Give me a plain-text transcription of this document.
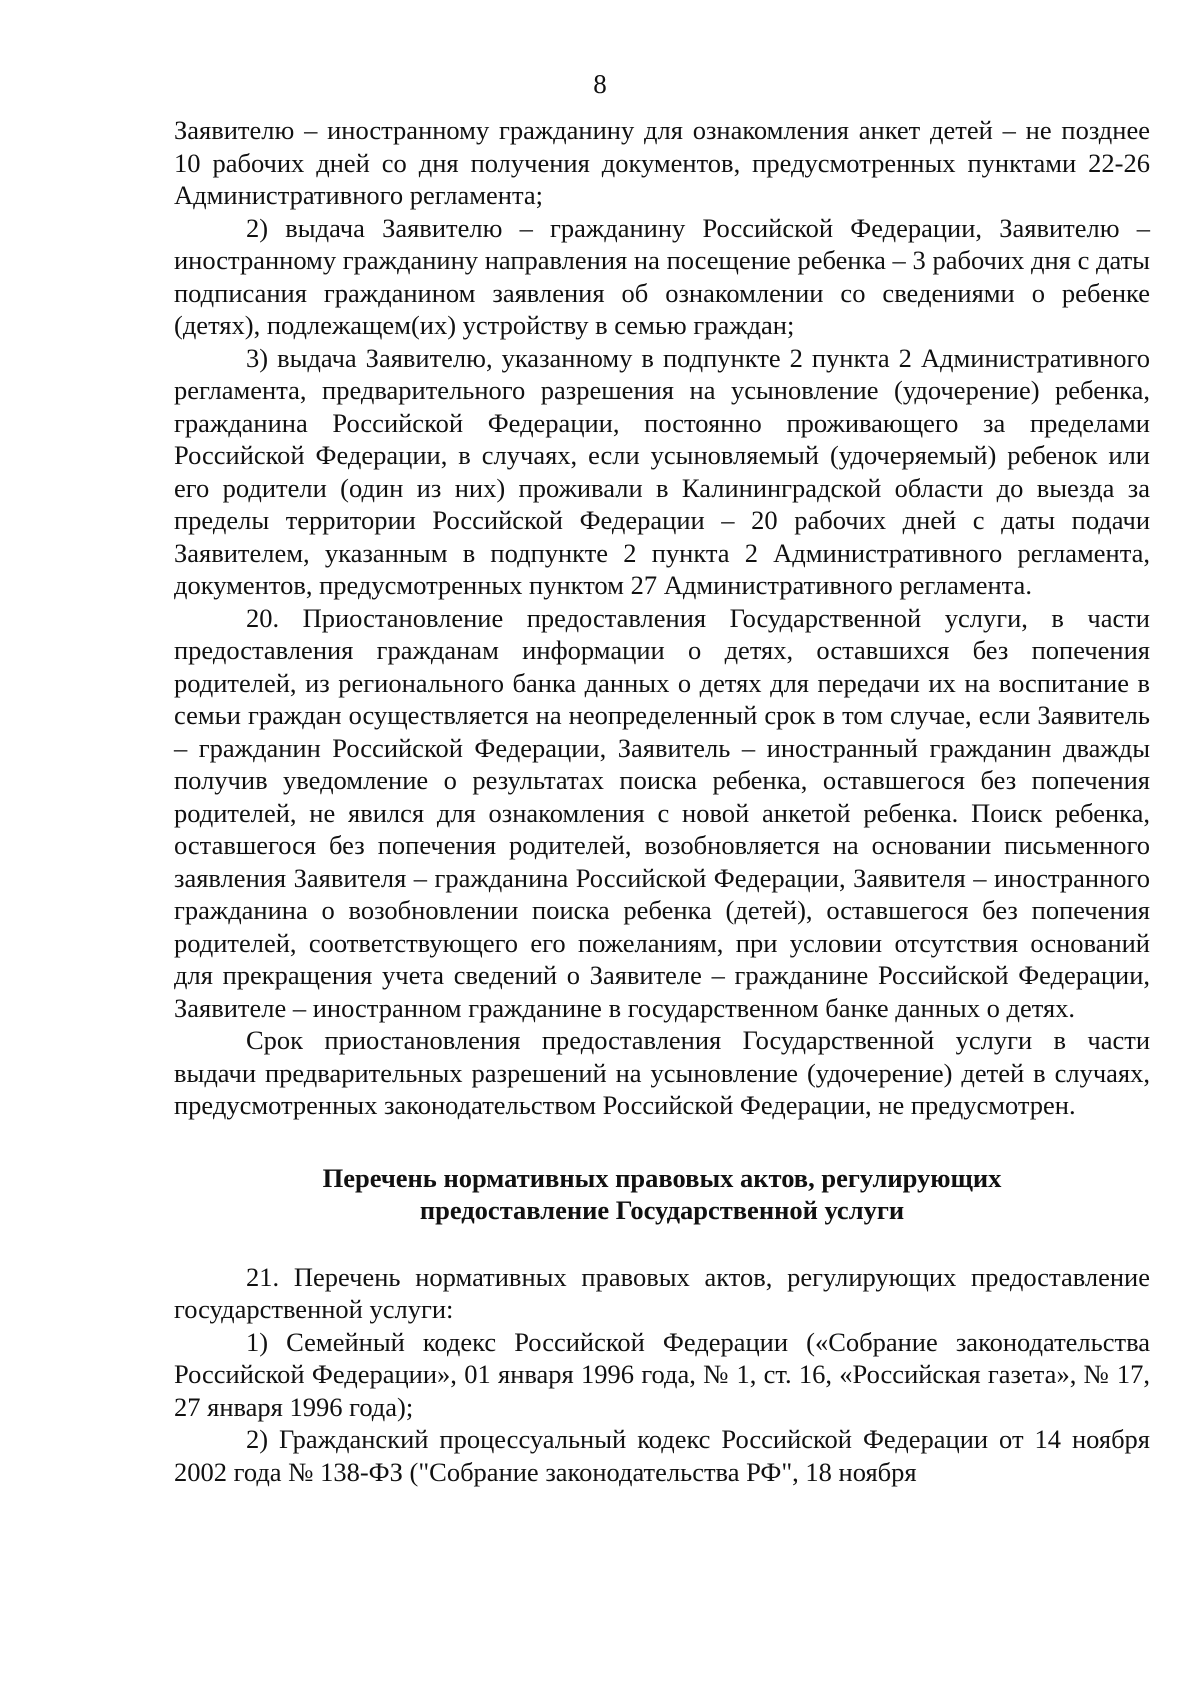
8

Заявителю – иностранному гражданину для ознакомления анкет детей – не позднее 10 рабочих дней со дня получения документов, предусмотренных пунктами 22-26 Административного регламента;

2) выдача Заявителю – гражданину Российской Федерации, Заявителю – иностранному гражданину направления на посещение ребенка – 3 рабочих дня с даты подписания гражданином заявления об ознакомлении со сведениями о ребенке (детях), подлежащем(их) устройству в семью граждан;

3) выдача Заявителю, указанному в подпункте 2 пункта 2 Административного регламента, предварительного разрешения на усыновление (удочерение) ребенка, гражданина Российской Федерации, постоянно проживающего за пределами Российской Федерации, в случаях, если усыновляемый (удочеряемый) ребенок или его родители (один из них) проживали в Калининградской области до выезда за пределы территории Российской Федерации – 20 рабочих дней с даты подачи Заявителем, указанным в подпункте 2 пункта 2 Административного регламента, документов, предусмотренных пунктом 27 Административного регламента.

20. Приостановление предоставления Государственной услуги, в части предоставления гражданам информации о детях, оставшихся без попечения родителей, из регионального банка данных о детях для передачи их на воспитание в семьи граждан осуществляется на неопределенный срок в том случае, если Заявитель – гражданин Российской Федерации, Заявитель – иностранный гражданин дважды получив уведомление о результатах поиска ребенка, оставшегося без попечения родителей, не явился для ознакомления с новой анкетой ребенка. Поиск ребенка, оставшегося без попечения родителей, возобновляется на основании письменного заявления Заявителя – гражданина Российской Федерации, Заявителя – иностранного гражданина о возобновлении поиска ребенка (детей), оставшегося без попечения родителей, соответствующего его пожеланиям, при условии отсутствия оснований для прекращения учета сведений о Заявителе – гражданине Российской Федерации, Заявителе – иностранном гражданине в государственном банке данных о детях.

Срок приостановления предоставления Государственной услуги в части выдачи предварительных разрешений на усыновление (удочерение) детей в случаях, предусмотренных законодательством Российской Федерации, не предусмотрен.

Перечень нормативных правовых актов, регулирующих
предоставление Государственной услуги

21. Перечень нормативных правовых актов, регулирующих предоставление государственной услуги:

1) Семейный кодекс Российской Федерации («Собрание законодательства Российской Федерации», 01 января 1996 года, № 1, ст. 16, «Российская газета», № 17, 27 января 1996 года);

2) Гражданский процессуальный кодекс Российской Федерации от 14 ноября 2002 года № 138-ФЗ ("Собрание законодательства РФ", 18 ноября
